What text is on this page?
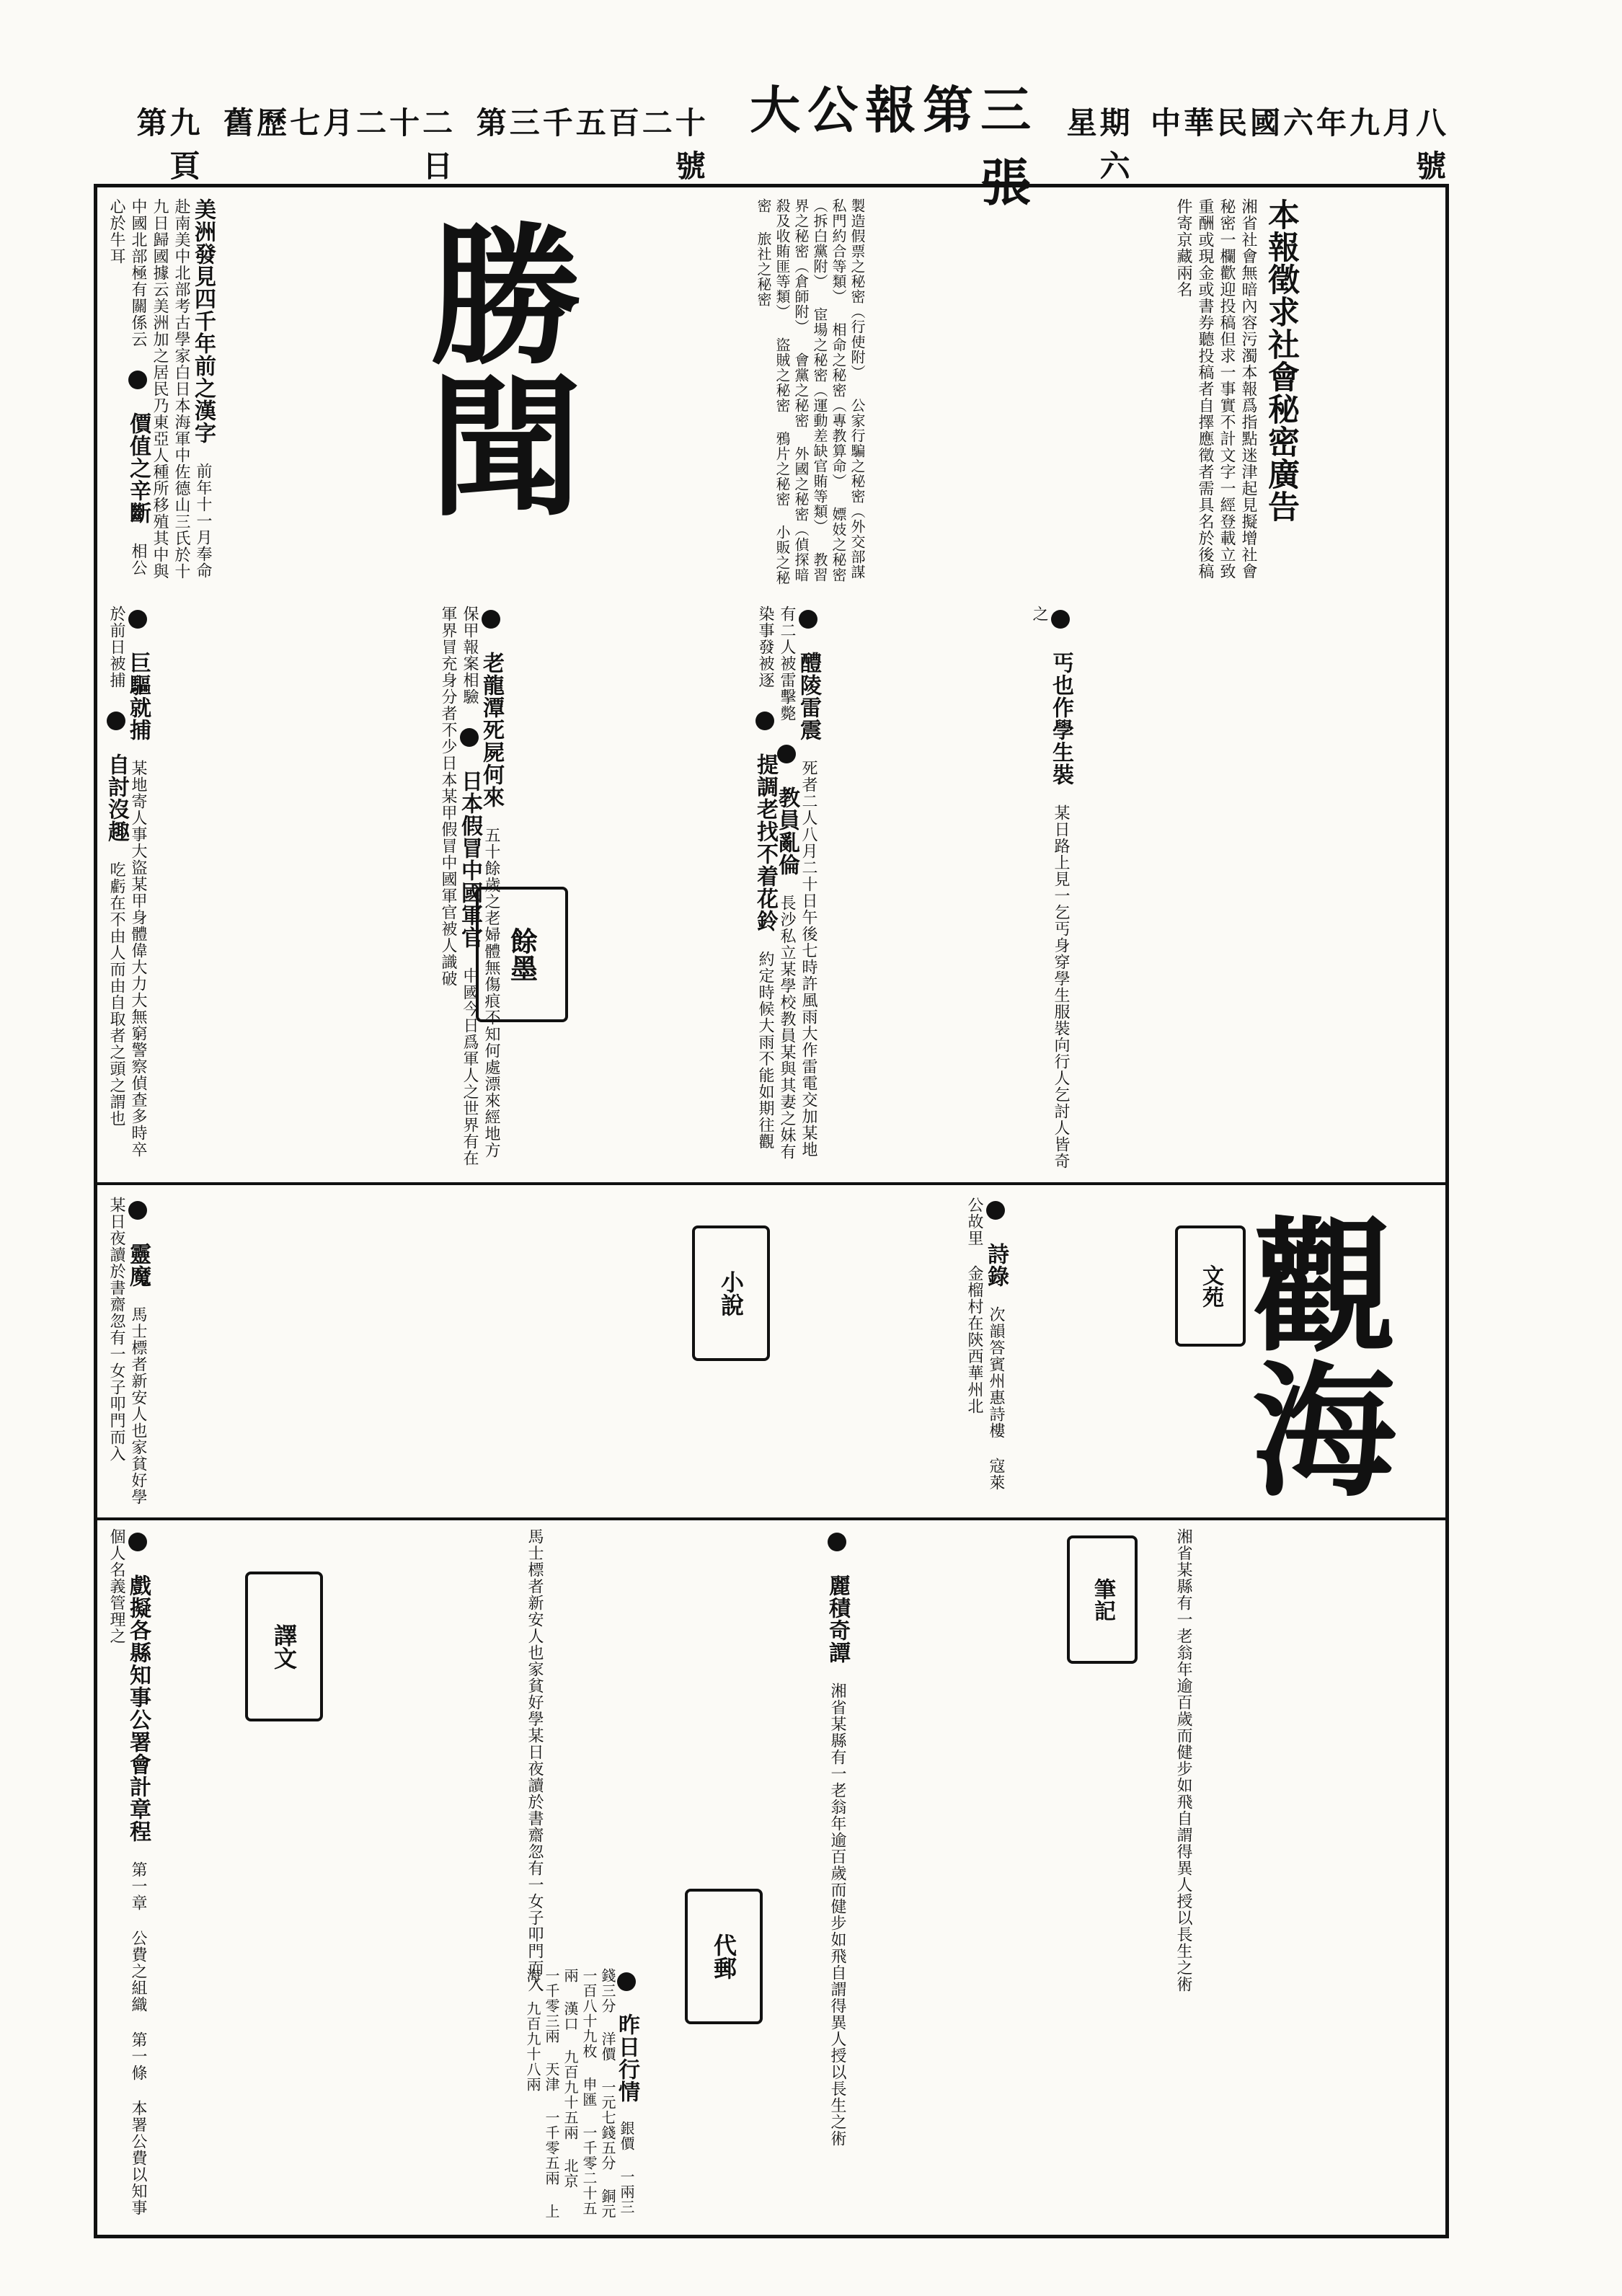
中華民國六年九月八號
星期六
大公報第三張
第三千五百二十號
舊歷七月二十二日
第九頁
本報徵求社會秘密廣告
湘省社會無暗內容污濁本報爲指點迷津起見擬增社會秘密一欄歡迎投稿但求一事實不計文字一經登載立致重酬或現金或書券聽投稿者自擇應徵者需具名於後稿件寄京藏兩名
製造假票之秘密（行使附） 公家行騙之秘密（外交部謀私門約合等類） 相命之秘密（專教算命） 嫖妓之秘密（拆白黨附） 宦場之秘密（運動差缺官賄等類） 教習界之秘密（倉師附） 會黨之秘密 外國之秘密（偵探暗殺及收賄匪等類） 盜賊之秘密 鴉片之秘密 小販之秘密 旅社之秘密
勝聞
美洲發見四千年前之漢字 前年十一月奉命赴南美中北部考古學家白日本海軍中佐德山三氏於十九日歸國據云美洲加之居民乃東亞人種所移殖其中與中國北部極有關係云  價值之辛斷 相公心於牛耳
丐也作學生裝 某日路上見一乞丐身穿學生服裝向行人乞討人皆奇之
醴陵雷震 死者二人八月二十日午後七時許風雨大作雷電交加某地有二人被雷擊斃  教員亂倫 長沙私立某學校教員某與其妻之妹有染事發被逐  提調老找不着花鈴 約定時候大雨不能如期往觀
老龍潭死屍何來 五十餘歲之老婦體無傷痕不知何處漂來經地方保甲報案相驗  日本假冒中國軍官 中國今日爲軍人之世界有在軍界冒充身分者不少日本某甲假冒中國軍官被人識破
巨驅就捕 某地寄人事大盜某甲身體偉大力大無窮警察偵查多時卒於前日被捕  自討沒趣 吃虧在不由人而由自取者之頭之謂也	餘墨
觀海
文苑
詩錄 次韻答賓州惠詩樓 寇萊公故里 金榴村在陝西華州北
小說
靈魔 馬士標者新安人也家貧好學某日夜讀於書齋忽有一女子叩門而入
湘省某縣有一老翁年逾百歲而健步如飛自謂得異人授以長生之術
筆記
麗積奇譚 湘省某縣有一老翁年逾百歲而健步如飛自謂得異人授以長生之術
馬士標者新安人也家貧好學某日夜讀於書齋忽有一女子叩門而入	代郵
昨日行情 銀價 一兩三錢三分 洋價 一元七錢五分 銅元 一百八十九枚 申匯 一千零二十五兩 漢口 九百九十五兩 北京 一千零三兩 天津 一千零五兩 上海 九百九十八兩
戲擬各縣知事公署會計章程 第一章 公費之組織 第一條 本署公費以知事個人名義管理之
譯文
